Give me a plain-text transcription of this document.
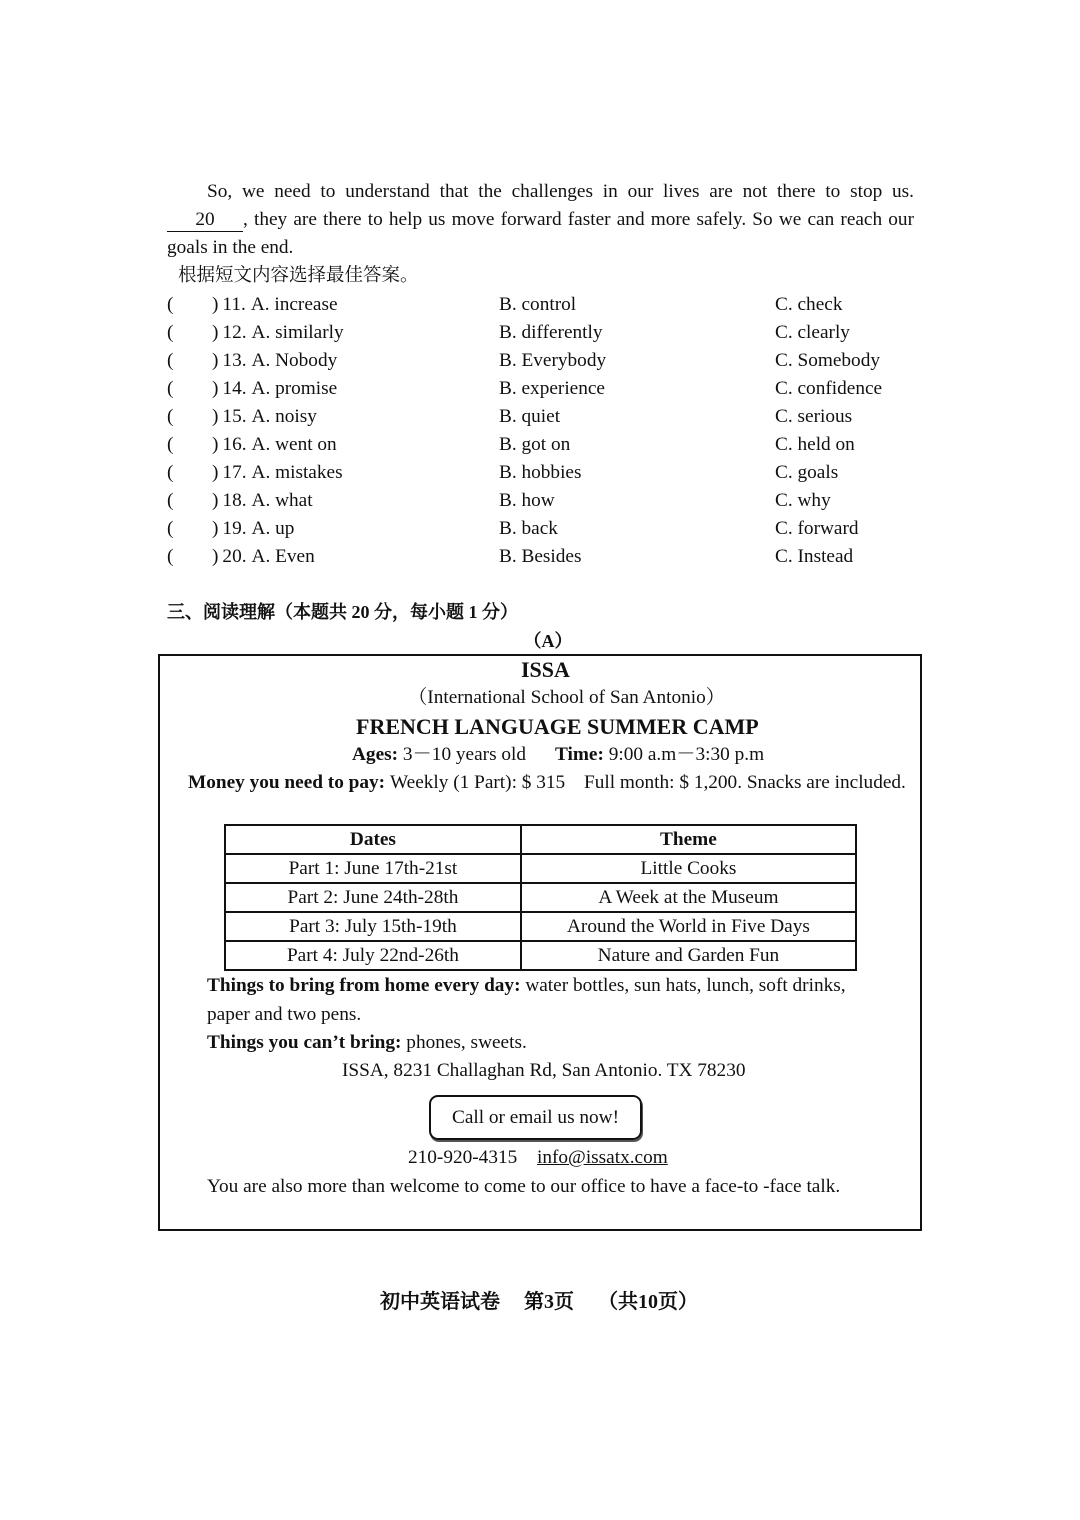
So, we need to understand that the challenges in our lives are not there to stop us.
20 , they are there to help us move forward faster and more safely. So we can reach our
goals in the end.
根据短文内容选择最佳答案。
( ) 11. A. increase	B. control	C. check
( ) 12. A. similarly	B. differently	C. clearly
( ) 13. A. Nobody	B. Everybody	C. Somebody
( ) 14. A. promise	B. experience	C. confidence
( ) 15. A. noisy	B. quiet	C. serious
( ) 16. A. went on	B. got on	C. held on
( ) 17. A. mistakes	B. hobbies	C. goals
( ) 18. A. what	B. how	C. why
( ) 19. A. up	B. back	C. forward
( ) 20. A. Even	B. Besides	C. Instead
三、阅读理解（本题共 20 分，每小题 1 分）
（A）
ISSA
（International School of San Antonio）
FRENCH LANGUAGE SUMMER CAMP
Ages: 3－10 years old Time: 9:00 a.m－3:30 p.m
Money you need to pay: Weekly (1 Part): $ 315 Full month: $ 1,200. Snacks are included.
Dates	Theme
Part 1: June 17th-21st	Little Cooks
Part 2: June 24th-28th	A Week at the Museum
Part 3: July 15th-19th	Around the World in Five Days
Part 4: July 22nd-26th	Nature and Garden Fun
Things to bring from home every day: water bottles, sun hats, lunch, soft drinks,
paper and two pens.
Things you can’t bring: phones, sweets.
ISSA, 8231 Challaghan Rd, San Antonio. TX 78230
Call or email us now!
210-920-4315 info@issatx.com
You are also more than welcome to come to our office to have a face-to -face talk.
初中英语试卷 第3页 （共10页）
